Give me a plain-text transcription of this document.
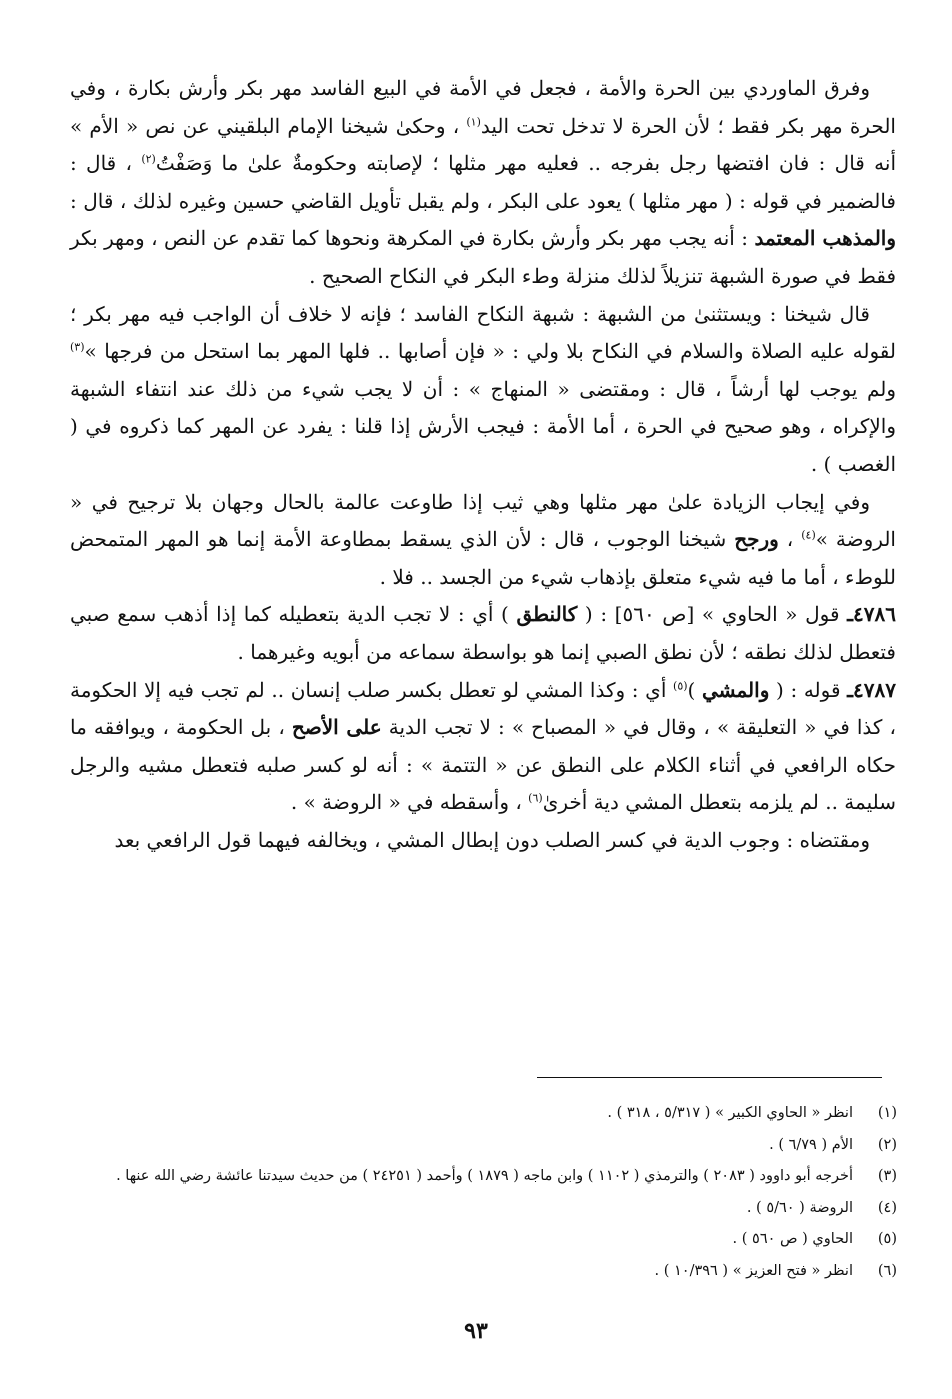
وفرق الماوردي بين الحرة والأمة ، فجعل في الأمة في البيع الفاسد مهر بكر وأرش بكارة ، وفي الحرة مهر بكر فقط ؛ لأن الحرة لا تدخل تحت اليد$^{(١)}$ ، وحكىٰ شيخنا الإمام البلقيني عن نص « الأم » أنه قال : فان افتضها رجل بفرجه .. فعليه مهر مثلها ؛ لإصابته وحكومةٌ علىٰ ما وَصَفْتُ$^{(٢)}$ ، قال : فالضمير في قوله : ( مهر مثلها ) يعود على البكر ، ولم يقبل تأويل القاضي حسين وغيره لذلك ، قال : والمذهب المعتمد : أنه يجب مهر بكر وأرش بكارة في المكرهة ونحوها كما تقدم عن النص ، ومهر بكر فقط في صورة الشبهة تنزيلاً لذلك منزلة وطء البكر في النكاح الصحيح .

قال شيخنا : ويستثنىٰ من الشبهة : شبهة النكاح الفاسد ؛ فإنه لا خلاف أن الواجب فيه مهر بكر ؛ لقوله عليه الصلاة والسلام في النكاح بلا ولي : « فإن أصابها .. فلها المهر بما استحل من فرجها »$^{(٣)}$ ولم يوجب لها أرشاً ، قال : ومقتضى « المنهاج » : أن لا يجب شيء من ذلك عند انتفاء الشبهة والإكراه ، وهو صحيح في الحرة ، أما الأمة : فيجب الأرش إذا قلنا : يفرد عن المهر كما ذكروه في ( الغصب ) .

وفي إيجاب الزيادة علىٰ مهر مثلها وهي ثيب إذا طاوعت عالمة بالحال وجهان بلا ترجيح في « الروضة »$^{(٤)}$ ، ورجح شيخنا الوجوب ، قال : لأن الذي يسقط بمطاوعة الأمة إنما هو المهر المتمحض للوطء ، أما ما فيه شيء متعلق بإذهاب شيء من الجسد .. فلا .

٤٧٨٦ـ قول « الحاوي » [ص ٥٦٠] : ( كالنطق ) أي : لا تجب الدية بتعطيله كما إذا أذهب سمع صبي فتعطل لذلك نطقه ؛ لأن نطق الصبي إنما هو بواسطة سماعه من أبويه وغيرهما .

٤٧٨٧ـ قوله : ( والمشي )$^{(٥)}$ أي : وكذا المشي لو تعطل بكسر صلب إنسان .. لم تجب فيه إلا الحكومة ، كذا في « التعليقة » ، وقال في « المصباح » : لا تجب الدية على الأصح ، بل الحكومة ، ويوافقه ما حكاه الرافعي في أثناء الكلام على النطق عن « التتمة » : أنه لو كسر صلبه فتعطل مشيه والرجل سليمة .. لم يلزمه بتعطل المشي دية أخرىٰ$^{(٦)}$ ، وأسقطه في « الروضة » .

ومقتضاه : وجوب الدية في كسر الصلب دون إبطال المشي ، ويخالفه فيهما قول الرافعي بعد

(١)
انظر « الحاوي الكبير » ( ٥/٣١٧ ، ٣١٨ ) .
(٢)
الأم ( ٦/٧٩ ) .
(٣)
أخرجه أبو داوود ( ٢٠٨٣ ) والترمذي ( ١١٠٢ ) وابن ماجه ( ١٨٧٩ ) وأحمد ( ٢٤٢٥١ ) من حديث سيدتنا عائشة رضي الله عنها .
(٤)
الروضة ( ٥/٦٠ ) .
(٥)
الحاوي ( ص ٥٦٠ ) .
(٦)
انظر « فتح العزيز » ( ١٠/٣٩٦ ) .
٩٣
